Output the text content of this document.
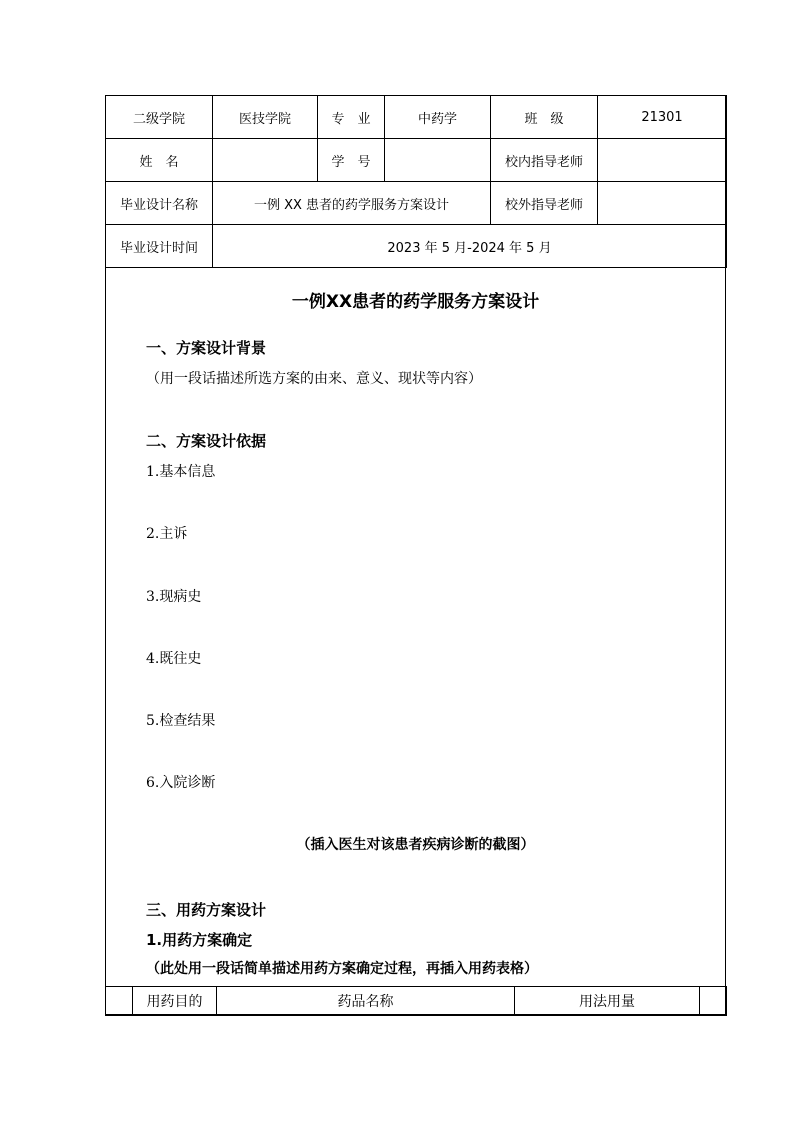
二级学院	医技学院	专　业	中药学	班　级	21301
姓　名		学　号		校内指导老师	
毕业设计名称	一例 XX 患者的药学服务方案设计			校外指导老师	
毕业设计时间	2023 年 5 月-2024 年 5 月				
一例XX患者的药学服务方案设计
一、方案设计背景
（用一段话描述所选方案的由来、意义、现状等内容）
二、方案设计依据
1.基本信息
2.主诉
3.现病史
4.既往史
5.检查结果
6.入院诊断
（插入医生对该患者疾病诊断的截图）
三、用药方案设计
1.用药方案确定
（此处用一段话简单描述用药方案确定过程，再插入用药表格）
	用药目的	药品名称	用法用量	
